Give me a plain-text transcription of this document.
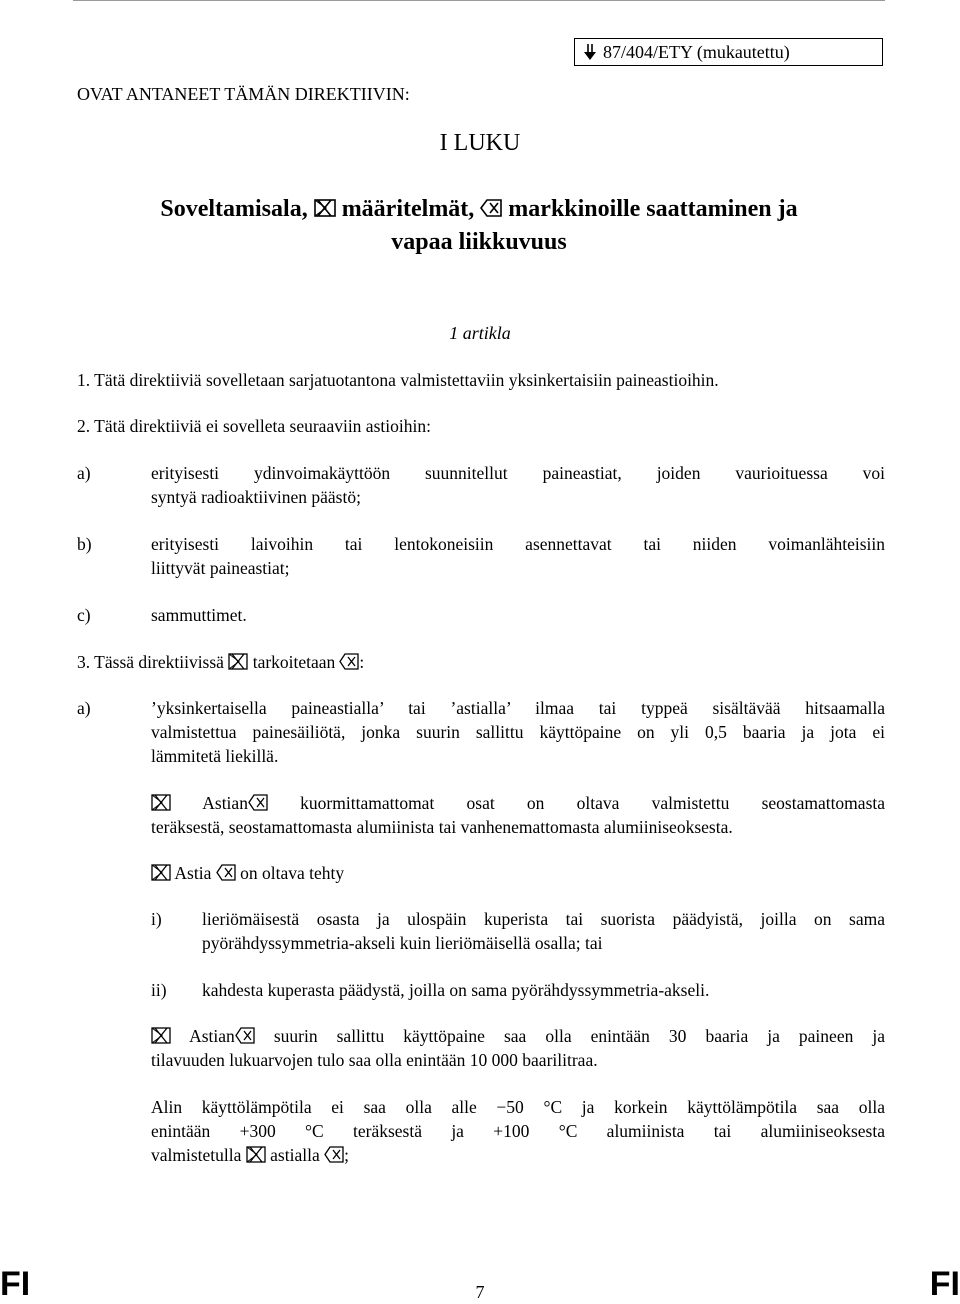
87/404/ETY (mukautettu)
OVAT ANTANEET TÄMÄN DIREKTIIVIN:
I LUKU
Soveltamisala, määritelmät, markkinoille saattaminen ja
vapaa liikkuvuus
1 artikla
1. Tätä direktiiviä sovelletaan sarjatuotantona valmistettaviin yksinkertaisiin paineastioihin.
2. Tätä direktiiviä ei sovelleta seuraaviin astioihin:
a)	erityisesti ydinvoimakäyttöön suunnitellut paineastiat, joiden vaurioituessa voi
syntyä radioaktiivinen päästö;
b)	erityisesti laivoihin tai lentokoneisiin asennettavat tai niiden voimanlähteisiin
liittyvät paineastiat;
c)	sammuttimet.
3. Tässä direktiivissä tarkoitetaan :
a)	’yksinkertaisella paineastialla’ tai ’astialla’ ilmaa tai typpeä sisältävää hitsaamalla
valmistettua painesäiliötä, jonka suurin sallittu käyttöpaine on yli 0,5 baaria ja jota ei
lämmitetä liekillä.
Astian	kuormittamattomat osat on oltava valmistettu seostamattomasta
teräksestä, seostamattomasta alumiinista tai vanhenemattomasta alumiiniseoksesta.
Astia on oltava tehty
i) lieriömäisestä osasta ja ulospäin kuperista tai suorista päädyistä, joilla on sama
pyörähdyssymmetria-akseli kuin lieriömäisellä osalla; tai
ii) kahdesta kuperasta päädystä, joilla on sama pyörähdyssymmetria-akseli.
Astian suurin sallittu käyttöpaine saa olla enintään 30 baaria ja paineen ja
tilavuuden lukuarvojen tulo saa olla enintään 10 000 baarilitraa.
Alin käyttölämpötila ei saa olla alle −50 °C ja korkein käyttölämpötila saa olla
enintään +300 °C teräksestä ja +100 °C alumiinista tai alumiiniseoksesta
valmistetulla astialla ;
FI	7	FI
